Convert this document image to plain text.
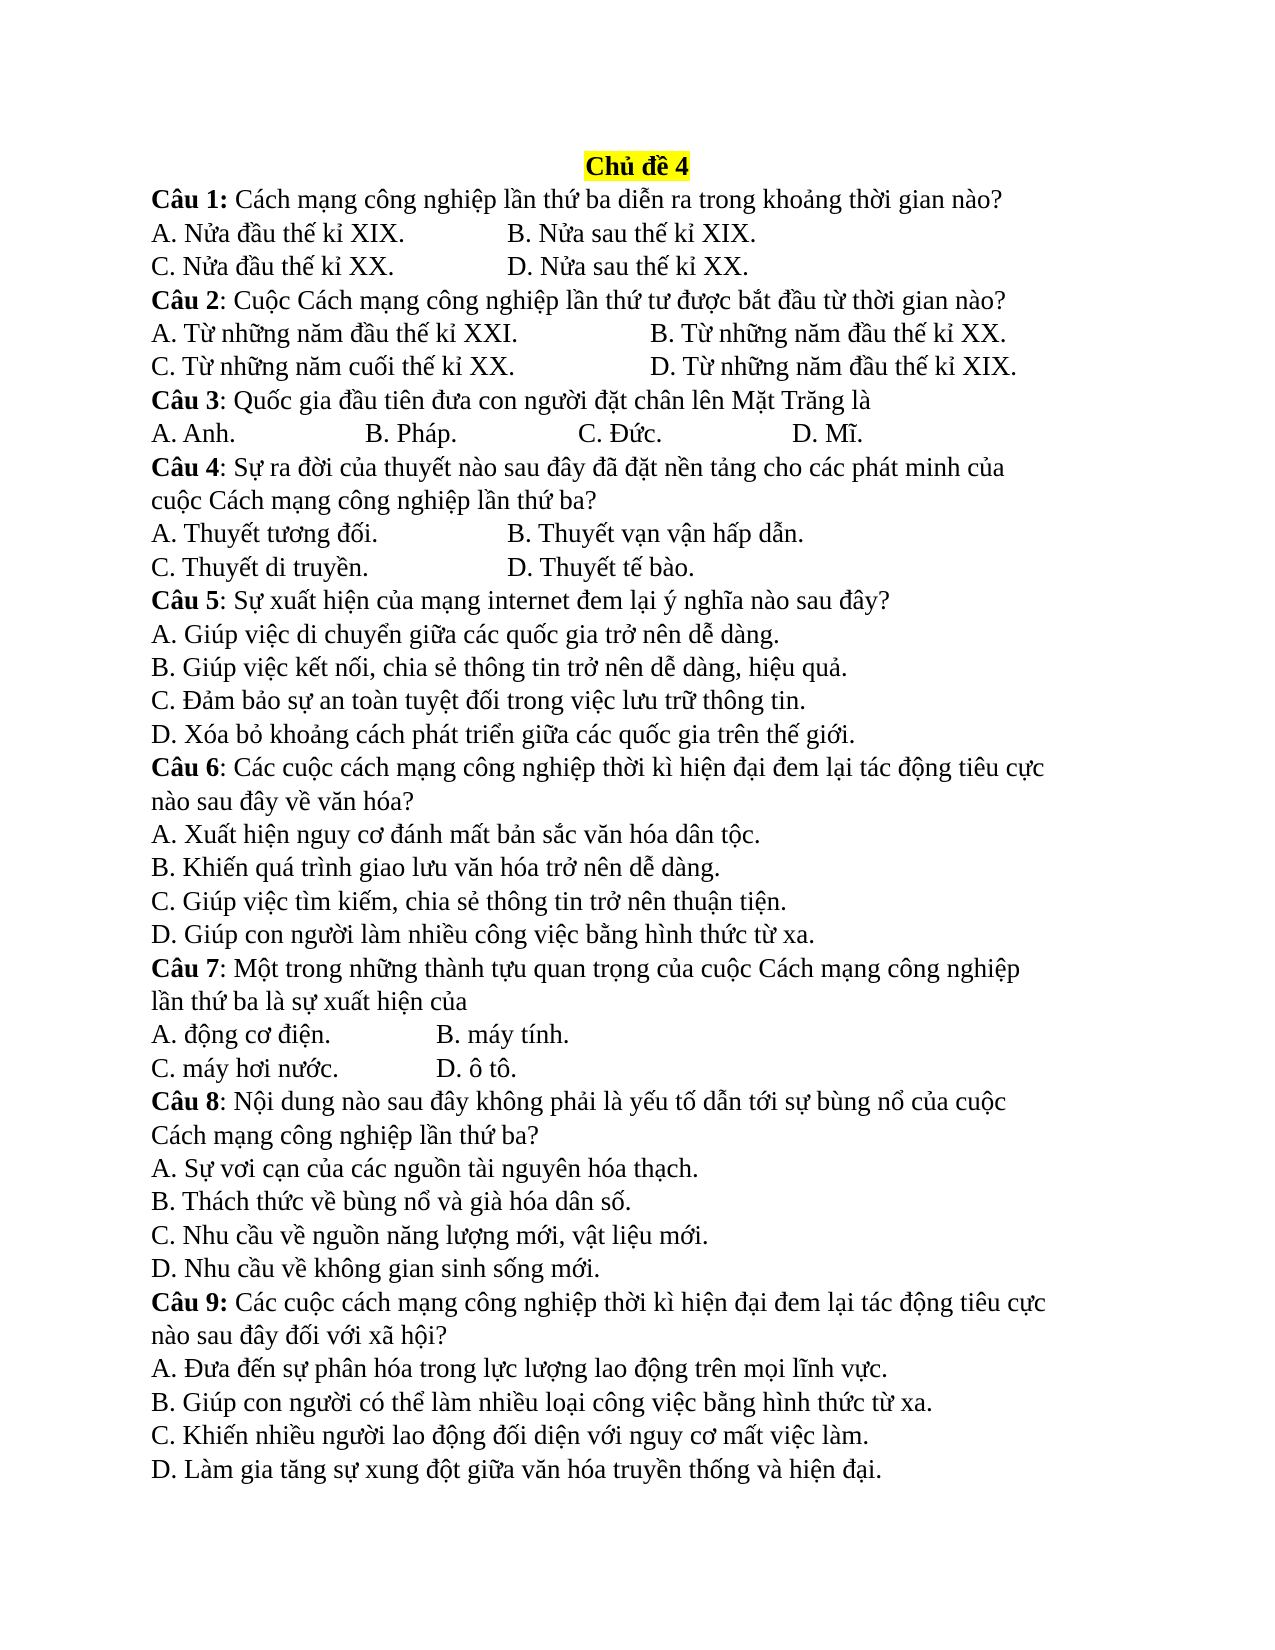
Chủ đề 4
Câu 1: Cách mạng công nghiệp lần thứ ba diễn ra trong khoảng thời gian nào?
A. Nửa đầu thế kỉ XIX.	B. Nửa sau thế kỉ XIX.
C. Nửa đầu thế kỉ XX.	D. Nửa sau thế kỉ XX.
Câu 2: Cuộc Cách mạng công nghiệp lần thứ tư được bắt đầu từ thời gian nào?
A. Từ những năm đầu thế kỉ XXI.	B. Từ những năm đầu thế kỉ XX.
C. Từ những năm cuối thế kỉ XX.	D. Từ những năm đầu thế kỉ XIX.
Câu 3: Quốc gia đầu tiên đưa con người đặt chân lên Mặt Trăng là
A. Anh.	B. Pháp.	C. Đức.	D. Mĩ.
Câu 4: Sự ra đời của thuyết nào sau đây đã đặt nền tảng cho các phát minh của
cuộc Cách mạng công nghiệp lần thứ ba?
A. Thuyết tương đối.	B. Thuyết vạn vận hấp dẫn.
C. Thuyết di truyền.	D. Thuyết tế bào.
Câu 5: Sự xuất hiện của mạng internet đem lại ý nghĩa nào sau đây?
A. Giúp việc di chuyển giữa các quốc gia trở nên dễ dàng.
B. Giúp việc kết nối, chia sẻ thông tin trở nên dễ dàng, hiệu quả.
C. Đảm bảo sự an toàn tuyệt đối trong việc lưu trữ thông tin.
D. Xóa bỏ khoảng cách phát triển giữa các quốc gia trên thế giới.
Câu 6: Các cuộc cách mạng công nghiệp thời kì hiện đại đem lại tác động tiêu cực
nào sau đây về văn hóa?
A. Xuất hiện nguy cơ đánh mất bản sắc văn hóa dân tộc.
B. Khiến quá trình giao lưu văn hóa trở nên dễ dàng.
C. Giúp việc tìm kiếm, chia sẻ thông tin trở nên thuận tiện.
D. Giúp con người làm nhiều công việc bằng hình thức từ xa.
Câu 7: Một trong những thành tựu quan trọng của cuộc Cách mạng công nghiệp
lần thứ ba là sự xuất hiện của
A. động cơ điện.	B. máy tính.
C. máy hơi nước.	D. ô tô.
Câu 8: Nội dung nào sau đây không phải là yếu tố dẫn tới sự bùng nổ của cuộc
Cách mạng công nghiệp lần thứ ba?
A. Sự vơi cạn của các nguồn tài nguyên hóa thạch.
B. Thách thức về bùng nổ và già hóa dân số.
C. Nhu cầu về nguồn năng lượng mới, vật liệu mới.
D. Nhu cầu về không gian sinh sống mới.
Câu 9: Các cuộc cách mạng công nghiệp thời kì hiện đại đem lại tác động tiêu cực
nào sau đây đối với xã hội?
A. Đưa đến sự phân hóa trong lực lượng lao động trên mọi lĩnh vực.
B. Giúp con người có thể làm nhiều loại công việc bằng hình thức từ xa.
C. Khiến nhiều người lao động đối diện với nguy cơ mất việc làm.
D. Làm gia tăng sự xung đột giữa văn hóa truyền thống và hiện đại.
